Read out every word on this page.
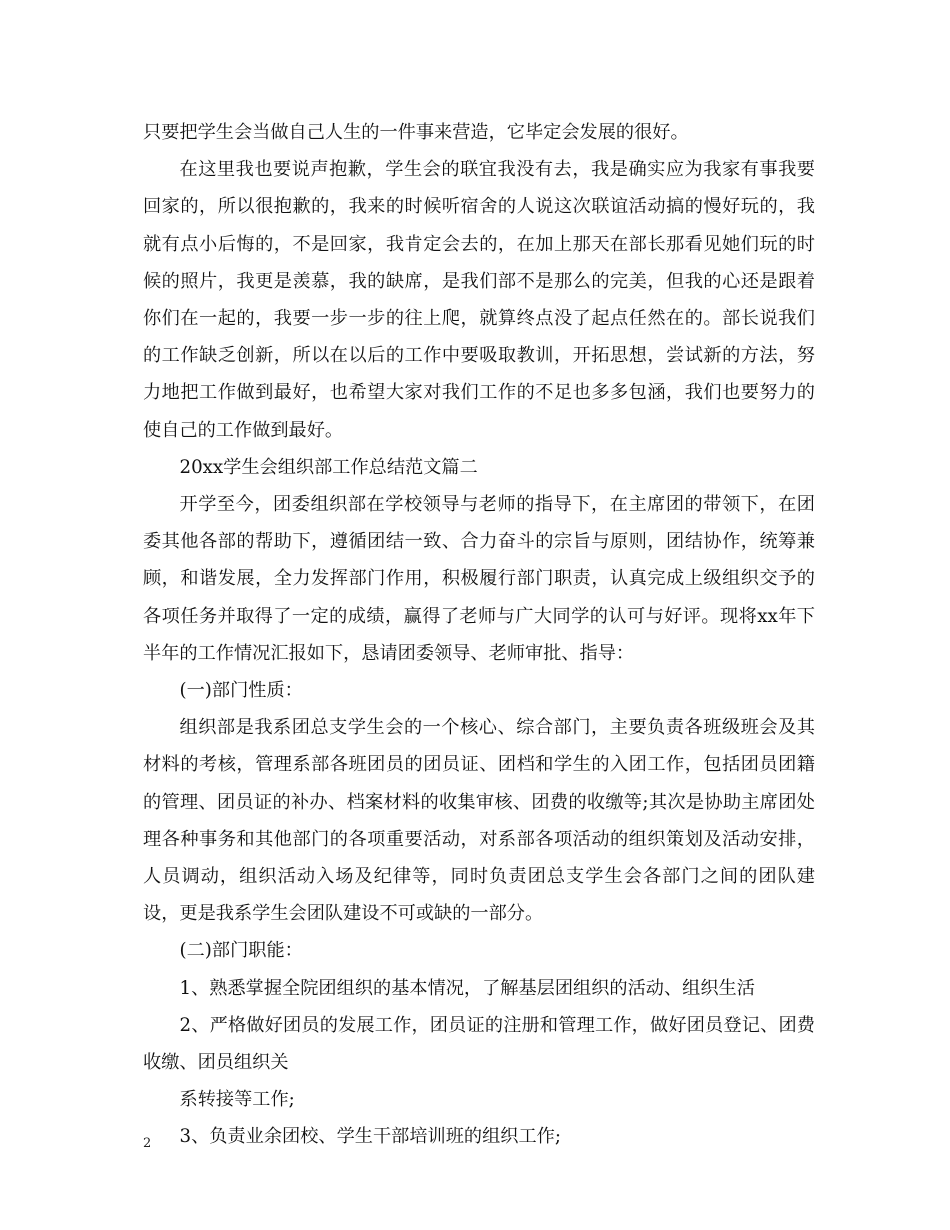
只要把学生会当做自己人生的一件事来营造，它毕定会发展的很好。

在这里我也要说声抱歉，学生会的联宜我没有去，我是确实应为我家有事我要回家的，所以很抱歉的，我来的时候听宿舍的人说这次联谊活动搞的慢好玩的，我就有点小后悔的，不是回家，我肯定会去的，在加上那天在部长那看见她们玩的时候的照片，我更是羡慕，我的缺席，是我们部不是那么的完美，但我的心还是跟着你们在一起的，我要一步一步的往上爬，就算终点没了起点任然在的。部长说我们的工作缺乏创新，所以在以后的工作中要吸取教训，开拓思想，尝试新的方法，努力地把工作做到最好，也希望大家对我们工作的不足也多多包涵，我们也要努力的使自己的工作做到最好。

20xx学生会组织部工作总结范文篇二

开学至今，团委组织部在学校领导与老师的指导下，在主席团的带领下，在团委其他各部的帮助下，遵循团结一致、合力奋斗的宗旨与原则，团结协作，统筹兼顾，和谐发展，全力发挥部门作用，积极履行部门职责，认真完成上级组织交予的各项任务并取得了一定的成绩，赢得了老师与广大同学的认可与好评。现将xx年下半年的工作情况汇报如下，恳请团委领导、老师审批、指导：

(一)部门性质：

组织部是我系团总支学生会的一个核心、综合部门，主要负责各班级班会及其材料的考核，管理系部各班团员的团员证、团档和学生的入团工作，包括团员团籍的管理、团员证的补办、档案材料的收集审核、团费的收缴等;其次是协助主席团处理各种事务和其他部门的各项重要活动，对系部各项活动的组织策划及活动安排，人员调动，组织活动入场及纪律等，同时负责团总支学生会各部门之间的团队建设，更是我系学生会团队建设不可或缺的一部分。

(二)部门职能：

1、熟悉掌握全院团组织的基本情况，了解基层团组织的活动、组织生活

2、严格做好团员的发展工作，团员证的注册和管理工作，做好团员登记、团费收缴、团员组织关

系转接等工作;

3、负责业余团校、学生干部培训班的组织工作;

2
